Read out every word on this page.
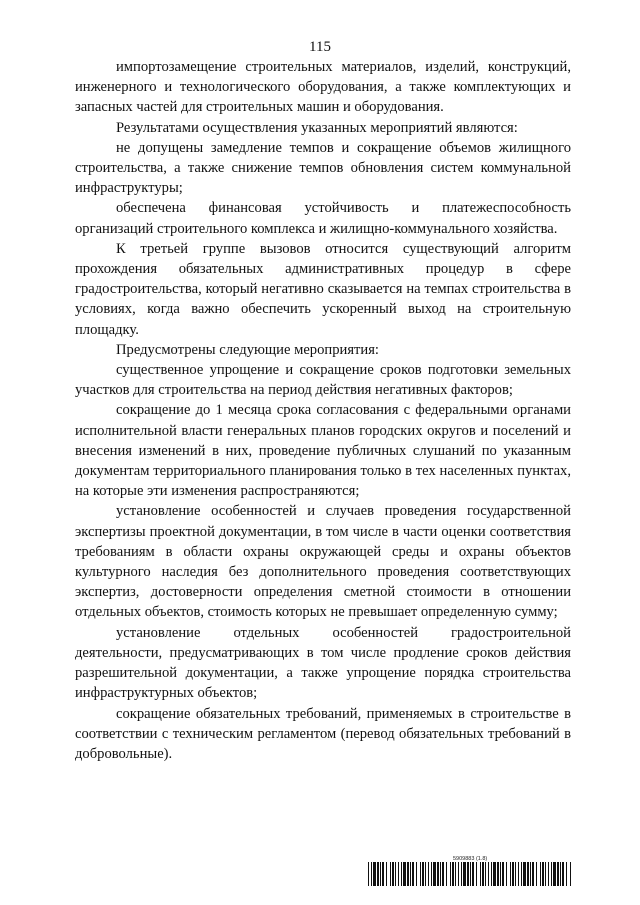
115

импортозамещение строительных материалов, изделий, конструкций, инженерного и технологического оборудования, а также комплектующих и запасных частей для строительных машин и оборудования.

Результатами осуществления указанных мероприятий являются:

не допущены замедление темпов и сокращение объемов жилищного строительства, а также снижение темпов обновления систем коммунальной инфраструктуры;

обеспечена финансовая устойчивость и платежеспособность организаций строительного комплекса и жилищно-коммунального хозяйства.

К третьей группе вызовов относится существующий алгоритм прохождения обязательных административных процедур в сфере градостроительства, который негативно сказывается на темпах строительства в условиях, когда важно обеспечить ускоренный выход на строительную площадку.

Предусмотрены следующие мероприятия:

существенное упрощение и сокращение сроков подготовки земельных участков для строительства на период действия негативных факторов;

сокращение до 1 месяца срока согласования с федеральными органами исполнительной власти генеральных планов городских округов и поселений и внесения изменений в них, проведение публичных слушаний по указанным документам территориального планирования только в тех населенных пунктах, на которые эти изменения распространяются;

установление особенностей и случаев проведения государственной экспертизы проектной документации, в том числе в части оценки соответствия требованиям в области охраны окружающей среды и охраны объектов культурного наследия без дополнительного проведения соответствующих экспертиз, достоверности определения сметной стоимости в отношении отдельных объектов, стоимость которых не превышает определенную сумму;

установление отдельных особенностей градостроительной деятельности, предусматривающих в том числе продление сроков действия разрешительной документации, а также упрощение порядка строительства инфраструктурных объектов;

сокращение обязательных требований, применяемых в строительстве в соответствии с техническим регламентом (перевод обязательных требований в добровольные).

5909883 (1.8)
